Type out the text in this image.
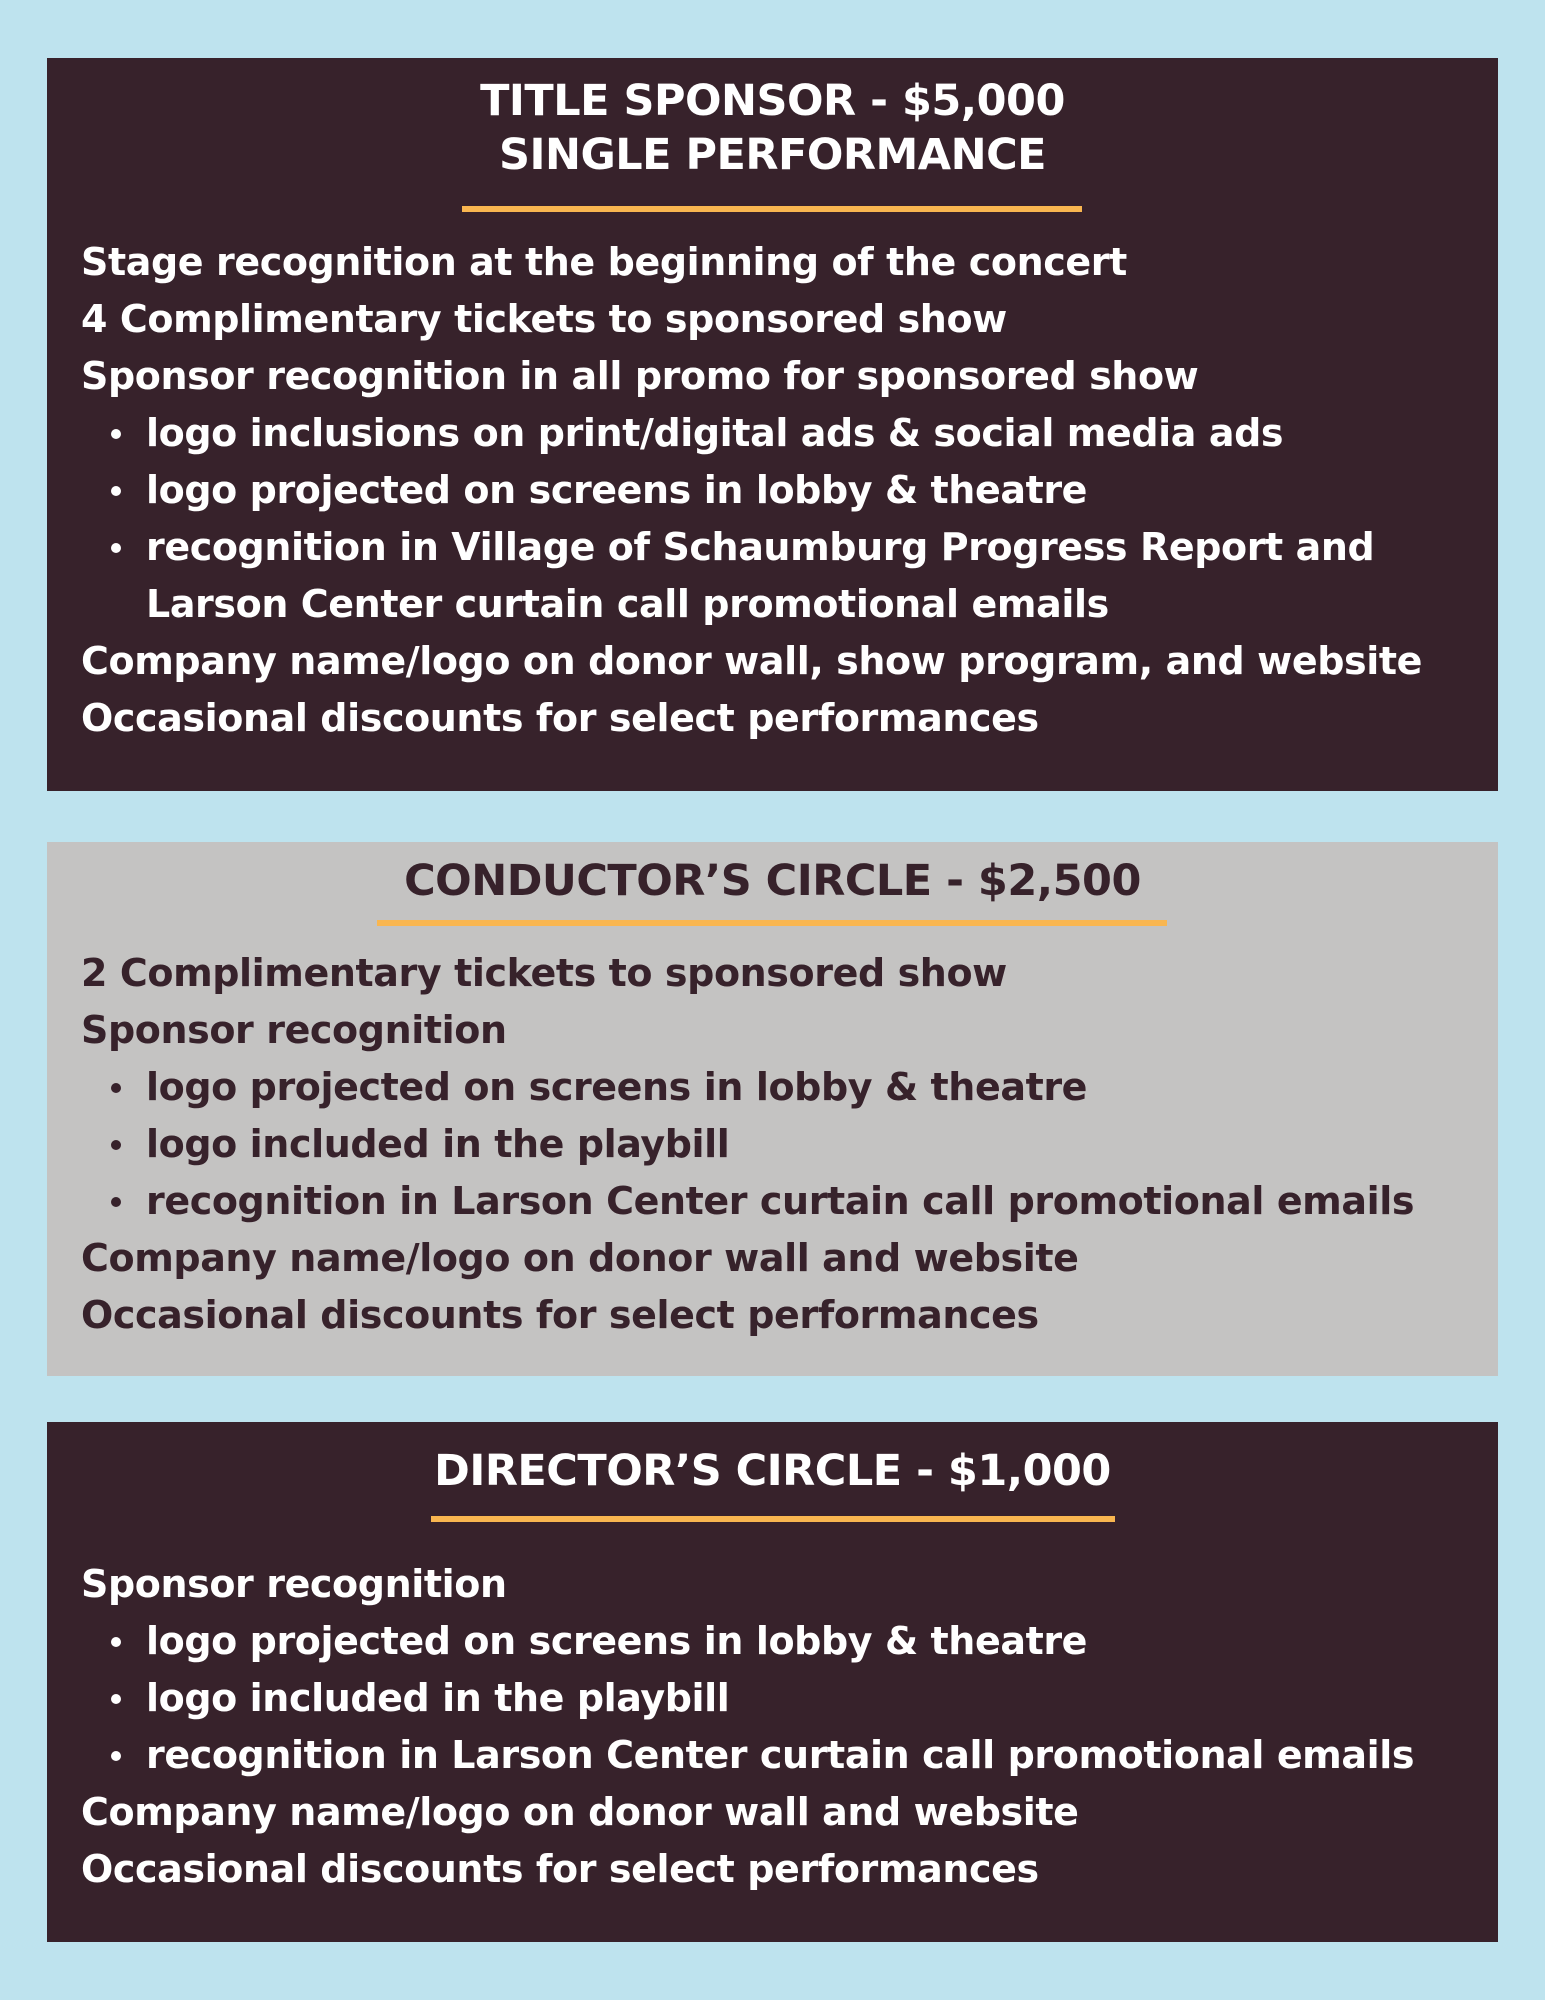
TITLE SPONSOR - $5,000

SINGLE PERFORMANCE

Stage recognition at the beginning of the concert

4 Complimentary tickets to sponsored show

Sponsor recognition in all promo for sponsored show

logo inclusions on print/digital ads & social media ads
logo projected on screens in lobby & theatre
recognition in Village of Schaumburg Progress Report and Larson Center curtain call promotional emails

Company name/logo on donor wall, show program, and website

Occasional discounts for select performances

CONDUCTOR’S CIRCLE - $2,500

2 Complimentary tickets to sponsored show

Sponsor recognition

logo projected on screens in lobby & theatre
logo included in the playbill
recognition in Larson Center curtain call promotional emails

Company name/logo on donor wall and website

Occasional discounts for select performances

DIRECTOR’S CIRCLE - $1,000

Sponsor recognition

logo projected on screens in lobby & theatre
logo included in the playbill
recognition in Larson Center curtain call promotional emails

Company name/logo on donor wall and website

Occasional discounts for select performances
